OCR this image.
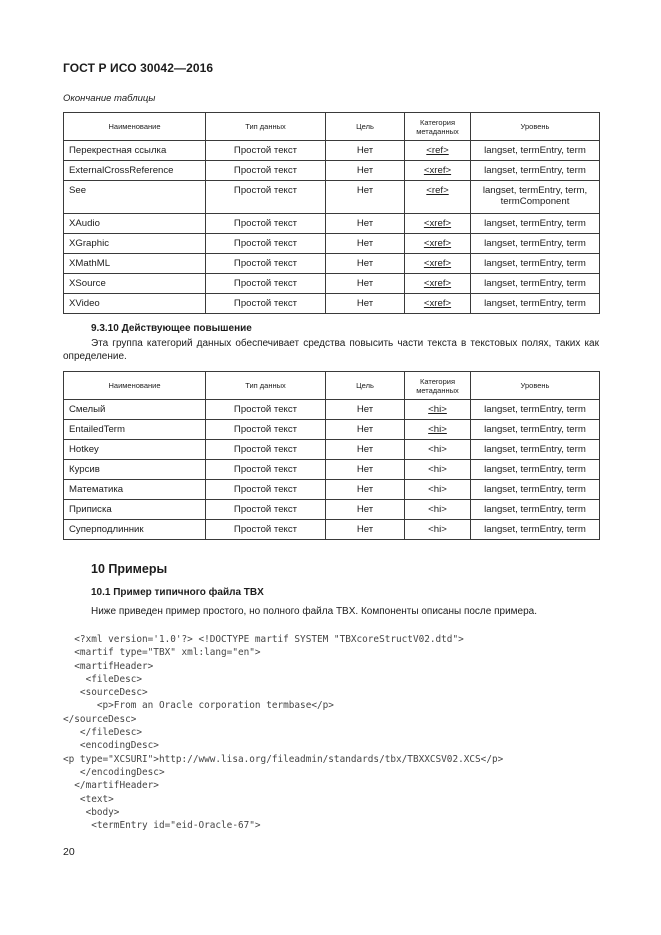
ГОСТ Р ИСО 30042—2016
Окончание таблицы
Наименование	Тип данных	Цель	Категория метаданных	Уровень
Перекрестная ссылка	Простой текст	Нет	<ref>	langset, termEntry, term
ExternalCrossReference	Простой текст	Нет	<xref>	langset, termEntry, term
See	Простой текст	Нет	<ref>	langset, termEntry, term, termComponent
XAudio	Простой текст	Нет	<xref>	langset, termEntry, term
XGraphic	Простой текст	Нет	<xref>	langset, termEntry, term
XMathML	Простой текст	Нет	<xref>	langset, termEntry, term
XSource	Простой текст	Нет	<xref>	langset, termEntry, term
XVideo	Простой текст	Нет	<xref>	langset, termEntry, term
9.3.10 Действующее повышение
Эта группа категорий данных обеспечивает средства повысить части текста в текстовых полях, таких как определение.
Наименование	Тип данных	Цель	Категория метаданных	Уровень
Смелый	Простой текст	Нет	<hi>	langset, termEntry, term
EntailedTerm	Простой текст	Нет	<hi>	langset, termEntry, term
Hotkey	Простой текст	Нет	<hi>	langset, termEntry, term
Курсив	Простой текст	Нет	<hi>	langset, termEntry, term
Математика	Простой текст	Нет	<hi>	langset, termEntry, term
Приписка	Простой текст	Нет	<hi>	langset, termEntry, term
Суперподлинник	Простой текст	Нет	<hi>	langset, termEntry, term
10 Примеры
10.1 Пример типичного файла TBX
Ниже приведен пример простого, но полного файла TBX. Компоненты описаны после примера.
<?xml version='1.0'?> <!DOCTYPE martif SYSTEM "TBXcoreStructV02.dtd">
<martif type="TBX" xml:lang="en">
<martifHeader>
<fileDesc>
<sourceDesc>
<p>From an Oracle corporation termbase</p>
</sourceDesc>
</fileDesc>
<encodingDesc>
<p type="XCSURI">http://www.lisa.org/fileadmin/standards/tbx/TBXXCSV02.XCS</p>
</encodingDesc>
</martifHeader>
<text>
<body>
<termEntry id="eid-Oracle-67">
20
